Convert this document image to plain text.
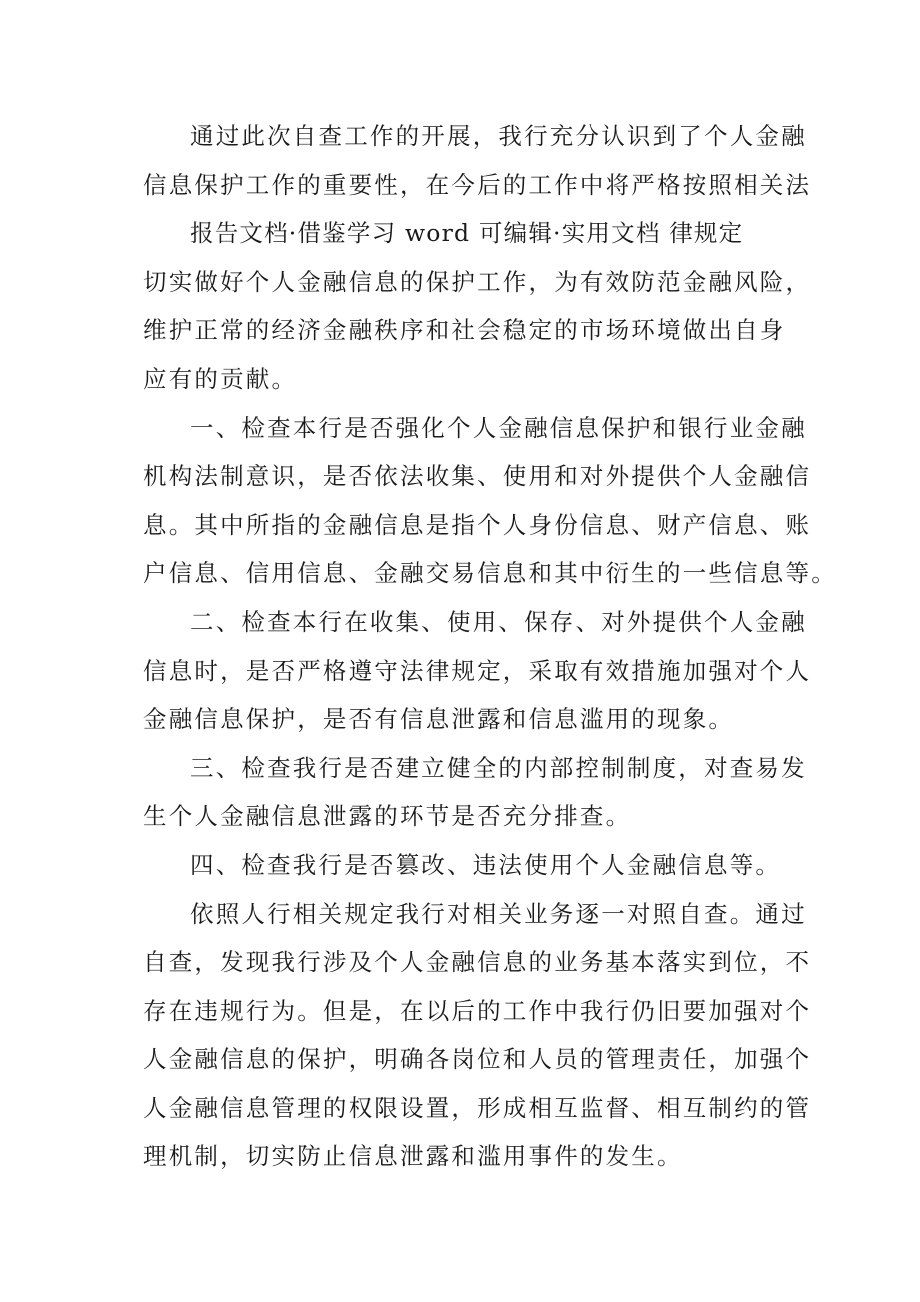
通过此次自查工作的开展，我行充分认识到了个人金融
信息保护工作的重要性，在今后的工作中将严格按照相关法
报告文档·借鉴学习 word 可编辑·实用文档 律规定
切实做好个人金融信息的保护工作，为有效防范金融风险，
维护正常的经济金融秩序和社会稳定的市场环境做出自身
应有的贡献。
一、检查本行是否强化个人金融信息保护和银行业金融
机构法制意识，是否依法收集、使用和对外提供个人金融信
息。其中所指的金融信息是指个人身份信息、财产信息、账
户信息、信用信息、金融交易信息和其中衍生的一些信息等。
二、检查本行在收集、使用、保存、对外提供个人金融
信息时，是否严格遵守法律规定，采取有效措施加强对个人
金融信息保护，是否有信息泄露和信息滥用的现象。
三、检查我行是否建立健全的内部控制制度，对查易发
生个人金融信息泄露的环节是否充分排查。
四、检查我行是否篡改、违法使用个人金融信息等。
依照人行相关规定我行对相关业务逐一对照自查。通过
自查，发现我行涉及个人金融信息的业务基本落实到位，不
存在违规行为。但是，在以后的工作中我行仍旧要加强对个
人金融信息的保护，明确各岗位和人员的管理责任，加强个
人金融信息管理的权限设置，形成相互监督、相互制约的管
理机制，切实防止信息泄露和滥用事件的发生。
